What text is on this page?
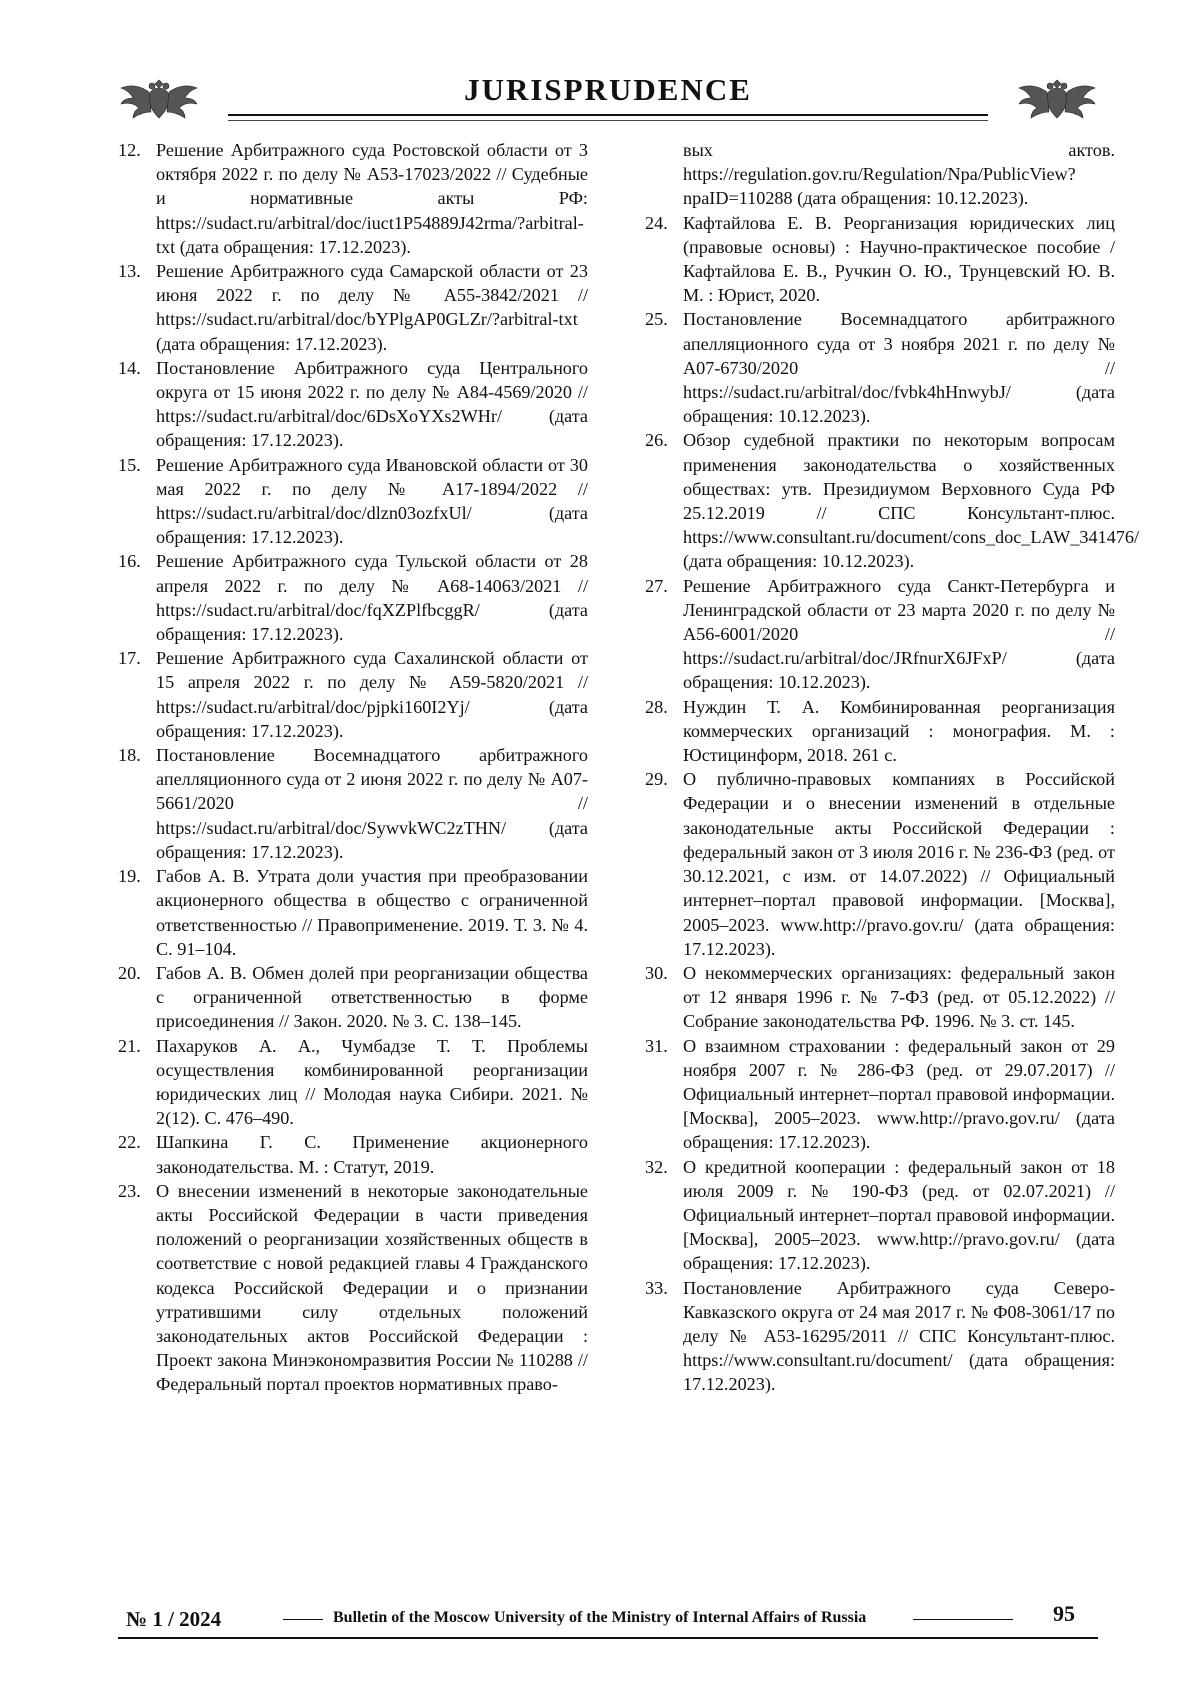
JURISPRUDENCE
12. Решение Арбитражного суда Ростовской области от 3 октября 2022 г. по делу № А53-17023/2022 // Судебные и нормативные акты РФ: https://sudact.ru/arbitral/doc/iuct1P54889J42rma/?arbitral-txt (дата обращения: 17.12.2023).
13. Решение Арбитражного суда Самарской области от 23 июня 2022 г. по делу № А55-3842/2021 // https://sudact.ru/arbitral/doc/bYPlgAP0GLZr/?arbitral-txt (дата обращения: 17.12.2023).
14. Постановление Арбитражного суда Центрального округа от 15 июня 2022 г. по делу № А84-4569/2020 // https://sudact.ru/arbitral/doc/6DsXoYXs2WHr/ (дата обращения: 17.12.2023).
15. Решение Арбитражного суда Ивановской области от 30 мая 2022 г. по делу № А17-1894/2022 // https://sudact.ru/arbitral/doc/dlzn03ozfxUl/ (дата обращения: 17.12.2023).
16. Решение Арбитражного суда Тульской области от 28 апреля 2022 г. по делу № А68-14063/2021 // https://sudact.ru/arbitral/doc/fqXZPlfbcggR/ (дата обращения: 17.12.2023).
17. Решение Арбитражного суда Сахалинской области от 15 апреля 2022 г. по делу № А59-5820/2021 // https://sudact.ru/arbitral/doc/pjpki160I2Yj/ (дата обращения: 17.12.2023).
18. Постановление Восемнадцатого арбитражного апелляционного суда от 2 июня 2022 г. по делу № А07-5661/2020 // https://sudact.ru/arbitral/doc/SywvkWC2zTHN/ (дата обращения: 17.12.2023).
19. Габов А. В. Утрата доли участия при преобразовании акционерного общества в общество с ограниченной ответственностью // Правоприменение. 2019. Т. 3. № 4. С. 91–104.
20. Габов А. В. Обмен долей при реорганизации общества с ограниченной ответственностью в форме присоединения // Закон. 2020. № 3. С. 138–145.
21. Пахаруков А. А., Чумбадзе Т. Т. Проблемы осуществления комбинированной реорганизации юридических лиц // Молодая наука Сибири. 2021. № 2(12). С. 476–490.
22. Шапкина Г. С. Применение акционерного законодательства. М. : Статут, 2019.
23. О внесении изменений в некоторые законодательные акты Российской Федерации в части приведения положений о реорганизации хозяйственных обществ в соответствие с новой редакцией главы 4 Гражданского кодекса Российской Федерации и о признании утратившими силу отдельных положений законодательных актов Российской Федерации : Проект закона Минэкономразвития России № 110288 // Федеральный портал проектов нормативных право-
вых актов. https://regulation.gov.ru/Regulation/Npa/PublicView?npaID=110288 (дата обращения: 10.12.2023).
24. Кафтайлова Е. В. Реорганизация юридических лиц (правовые основы) : Научно-практическое пособие / Кафтайлова Е. В., Ручкин О. Ю., Трунцевский Ю. В. М. : Юрист, 2020.
25. Постановление Восемнадцатого арбитражного апелляционного суда от 3 ноября 2021 г. по делу № А07-6730/2020 // https://sudact.ru/arbitral/doc/fvbk4hHnwybJ/ (дата обращения: 10.12.2023).
26. Обзор судебной практики по некоторым вопросам применения законодательства о хозяйственных обществах: утв. Президиумом Верховного Суда РФ 25.12.2019 // СПС Консультант-плюс. https://www.consultant.ru/document/cons_doc_LAW_341476/ (дата обращения: 10.12.2023).
27. Решение Арбитражного суда Санкт-Петербурга и Ленинградской области от 23 марта 2020 г. по делу № А56-6001/2020 // https://sudact.ru/arbitral/doc/JRfnurX6JFxP/ (дата обращения: 10.12.2023).
28. Нуждин Т. А. Комбинированная реорганизация коммерческих организаций : монография. М. : Юстицинформ, 2018. 261 с.
29. О публично-правовых компаниях в Российской Федерации и о внесении изменений в отдельные законодательные акты Российской Федерации : федеральный закон от 3 июля 2016 г. № 236-ФЗ (ред. от 30.12.2021, с изм. от 14.07.2022) // Официальный интернет–портал правовой информации. [Москва], 2005–2023. www.http://pravo.gov.ru/ (дата обращения: 17.12.2023).
30. О некоммерческих организациях: федеральный закон от 12 января 1996 г. № 7-ФЗ (ред. от 05.12.2022) // Собрание законодательства РФ. 1996. № 3. ст. 145.
31. О взаимном страховании : федеральный закон от 29 ноября 2007 г. № 286-ФЗ (ред. от 29.07.2017) // Официальный интернет–портал правовой информации. [Москва], 2005–2023. www.http://pravo.gov.ru/ (дата обращения: 17.12.2023).
32. О кредитной кооперации : федеральный закон от 18 июля 2009 г. № 190-ФЗ (ред. от 02.07.2021) // Официальный интернет–портал правовой информации. [Москва], 2005–2023. www.http://pravo.gov.ru/ (дата обращения: 17.12.2023).
33. Постановление Арбитражного суда Северо-Кавказского округа от 24 мая 2017 г. № Ф08-3061/17 по делу № А53-16295/2011 // СПС Консультант-плюс. https://www.consultant.ru/document/ (дата обращения: 17.12.2023).
№ 1 / 2024	Bulletin of the Moscow University of the Ministry of Internal Affairs of Russia	95
